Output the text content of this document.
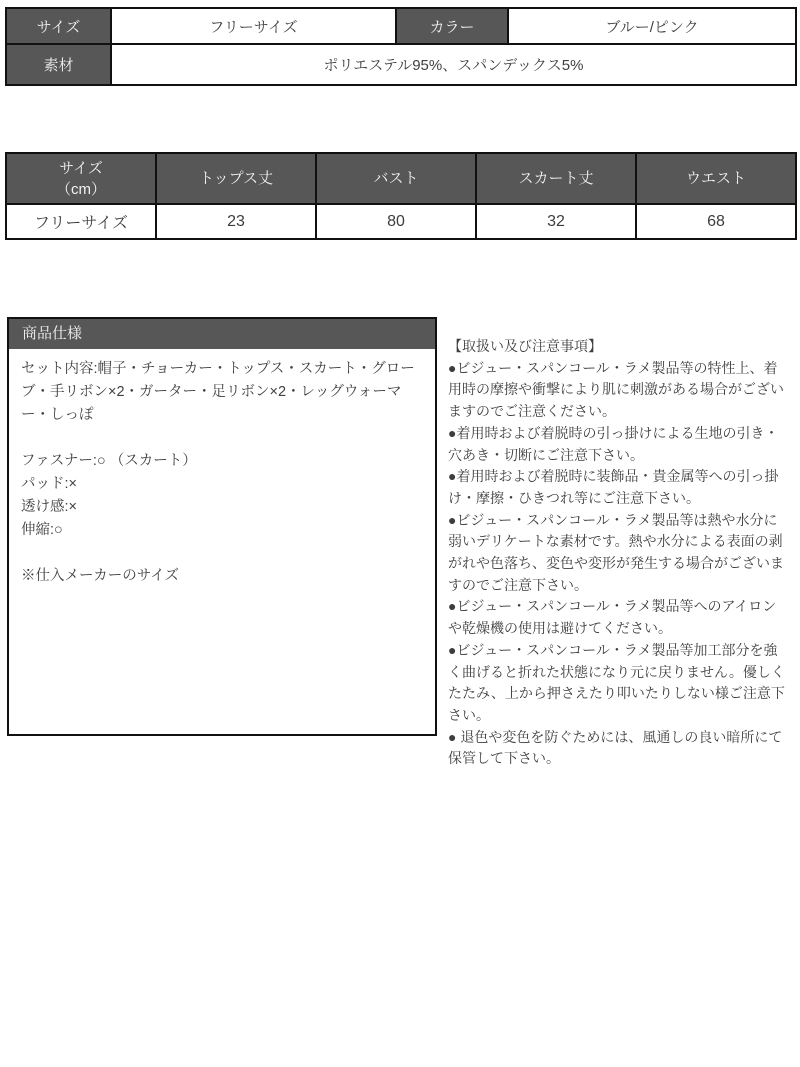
サイズ	フリーサイズ	カラー	ブルー/ピンク
素材	ポリエステル95%、スパンデックス5%		
サイズ
（cm）	トップス丈	バスト	スカート丈	ウエスト
フリーサイズ	23	80	32	68
商品仕様

セット内容:帽子・チョーカー・トップス・スカート・グローブ・手リボン×2・ガーター・足リボン×2・レッグウォーマー・しっぽ

ファスナー:○ （スカート）

パッド:×

透け感:×

伸縮:○

※仕入メーカーのサイズ

【取扱い及び注意事項】

●ビジュー・スパンコール・ラメ製品等の特性上、着用時の摩擦や衝撃により肌に刺激がある場合がございますのでご注意ください。

●着用時および着脱時の引っ掛けによる生地の引き・穴あき・切断にご注意下さい。

●着用時および着脱時に装飾品・貴金属等への引っ掛け・摩擦・ひきつれ等にご注意下さい。

●ビジュー・スパンコール・ラメ製品等は熱や水分に弱いデリケートな素材です。熱や水分による表面の剥がれや色落ち、変色や変形が発生する場合がございますのでご注意下さい。

●ビジュー・スパンコール・ラメ製品等へのアイロンや乾燥機の使用は避けてください。

●ビジュー・スパンコール・ラメ製品等加工部分を強く曲げると折れた状態になり元に戻りません。優しくたたみ、上から押さえたり叩いたりしない様ご注意下さい。

● 退色や変色を防ぐためには、風通しの良い暗所にて保管して下さい。
